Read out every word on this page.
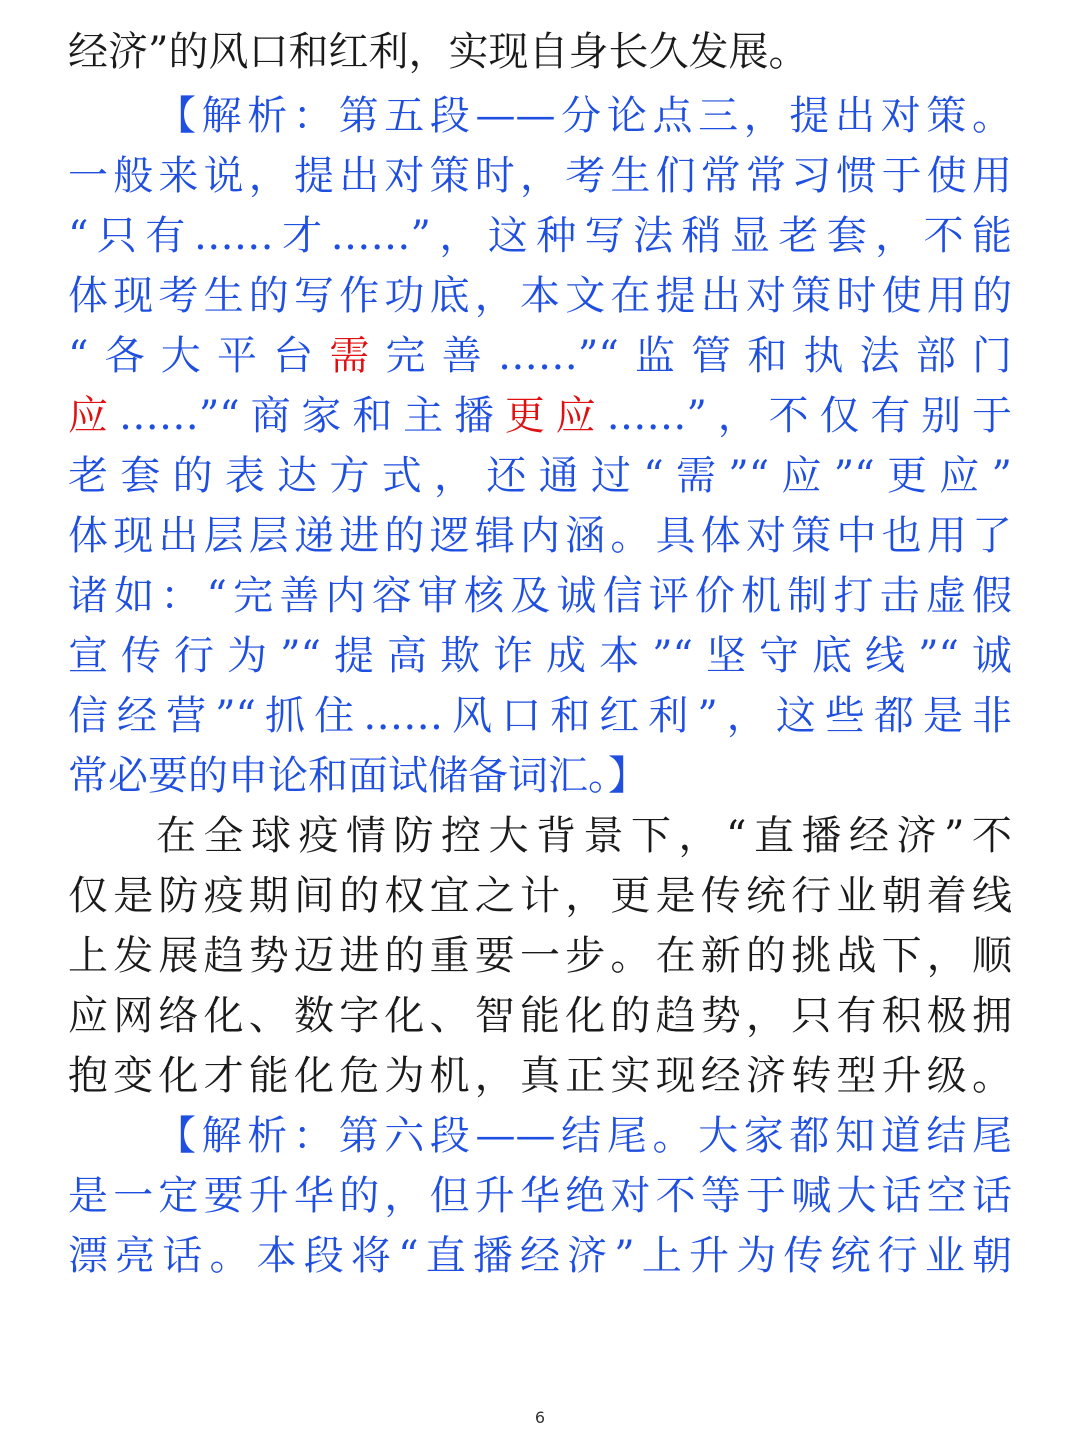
经济”的风口和红利，实现自身长久发展。
【解析：第五段——分论点三，提出对策。
一般来说，提出对策时，考生们常常习惯于使用
“只有……才……”，这种写法稍显老套，不能
体现考生的写作功底，本文在提出对策时使用的
“各大平台需完善……”“监管和执法部门
应……”“商家和主播更应……”，不仅有别于
老套的表达方式，还通过“需”“应”“更应”
体现出层层递进的逻辑内涵。具体对策中也用了
诸如：“完善内容审核及诚信评价机制打击虚假
宣传行为”“提高欺诈成本”“坚守底线”“诚
信经营”“抓住……风口和红利”，这些都是非
常必要的申论和面试储备词汇。】
在全球疫情防控大背景下，“直播经济”不
仅是防疫期间的权宜之计，更是传统行业朝着线
上发展趋势迈进的重要一步。在新的挑战下，顺
应网络化、数字化、智能化的趋势，只有积极拥
抱变化才能化危为机，真正实现经济转型升级。
【解析：第六段——结尾。大家都知道结尾
是一定要升华的，但升华绝对不等于喊大话空话
漂亮话。本段将“直播经济”上升为传统行业朝
6
